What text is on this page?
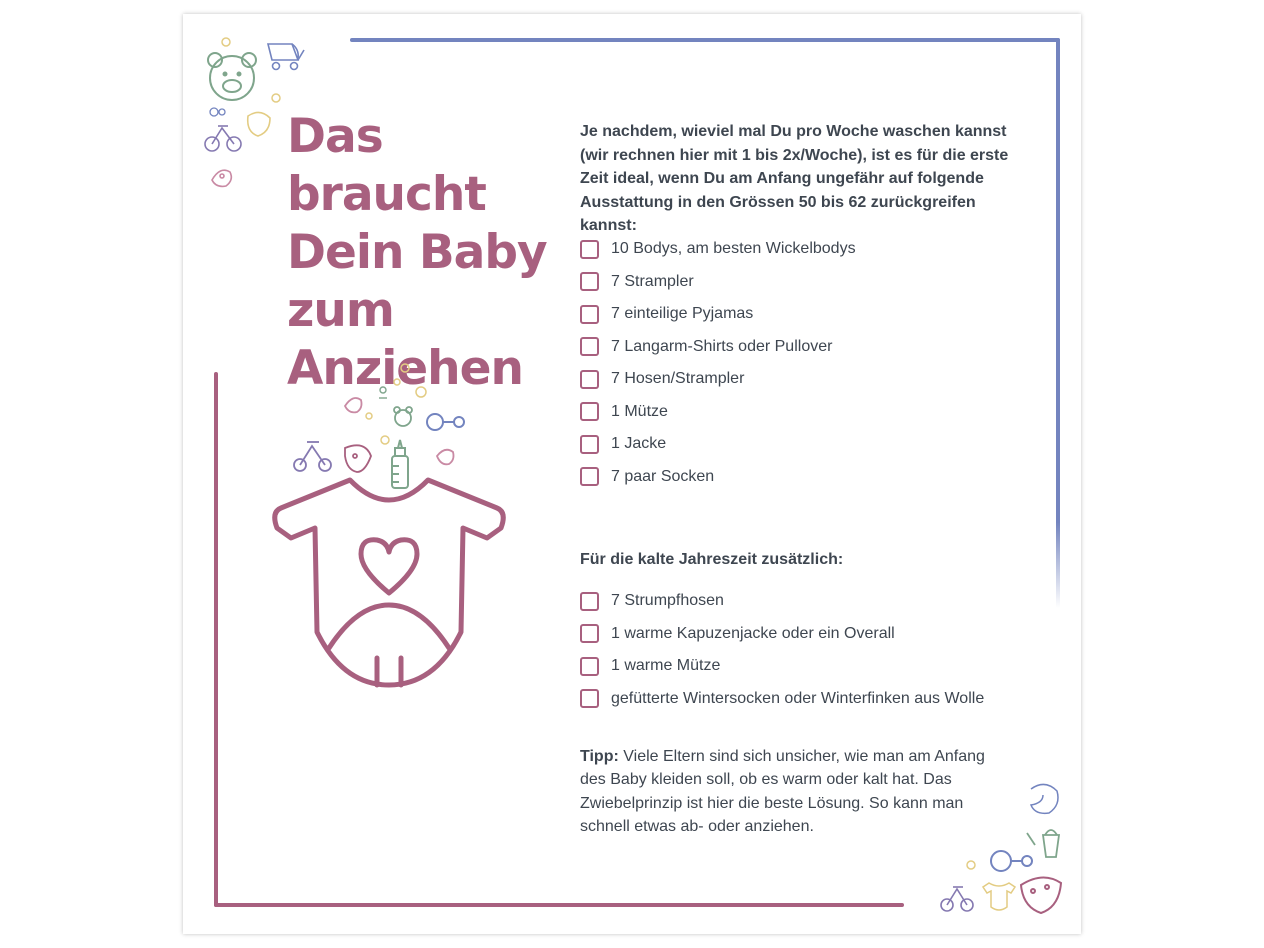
Das braucht Dein Baby zum Anziehen

Je nachdem, wieviel mal Du pro Woche waschen kannst (wir rechnen hier mit 1 bis 2x/Woche), ist es für die erste Zeit ideal, wenn Du am Anfang ungefähr auf folgende Ausstattung in den Grössen 50 bis 62 zurückgreifen kannst:

10 Bodys, am besten Wickelbodys
7 Strampler
7 einteilige Pyjamas
7 Langarm-Shirts oder Pullover
7 Hosen/Strampler
1 Mütze
1 Jacke
7 paar Socken
Für die kalte Jahreszeit zusätzlich:
7 Strumpfhosen
1 warme Kapuzenjacke oder ein Overall
1 warme Mütze
gefütterte Wintersocken oder Winterfinken aus Wolle

Tipp: Viele Eltern sind sich unsicher, wie man am Anfang des Baby kleiden soll, ob es warm oder kalt hat. Das Zwiebelprinzip ist hier die beste Lösung. So kann man schnell etwas ab- oder anziehen.
